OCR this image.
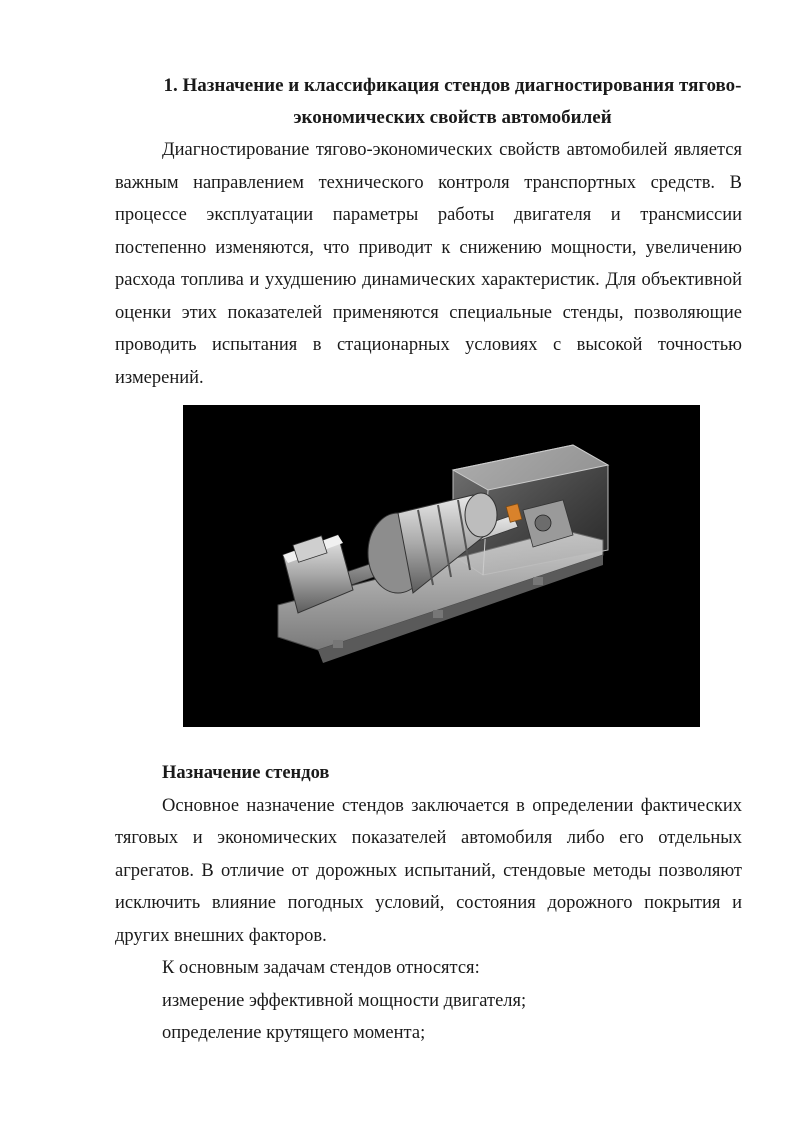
1. Назначение и классификация стендов диагностирования тягово-
экономических свойств автомобилей

Диагностирование тягово-экономических свойств автомобилей является важным направлением технического контроля транспортных средств. В процессе эксплуатации параметры работы двигателя и трансмиссии постепенно изменяются, что приводит к снижению мощности, увеличению расхода топлива и ухудшению динамических характеристик. Для объективной оценки этих показателей применяются специальные стенды, позволяющие проводить испытания в стационарных условиях с высокой точностью измерений.

Назначение стендов

Основное назначение стендов заключается в определении фактических тяговых и экономических показателей автомобиля либо его отдельных агрегатов. В отличие от дорожных испытаний, стендовые методы позволяют исключить влияние погодных условий, состояния дорожного покрытия и других внешних факторов.

К основным задачам стендов относятся:
измерение эффективной мощности двигателя;
определение крутящего момента;
